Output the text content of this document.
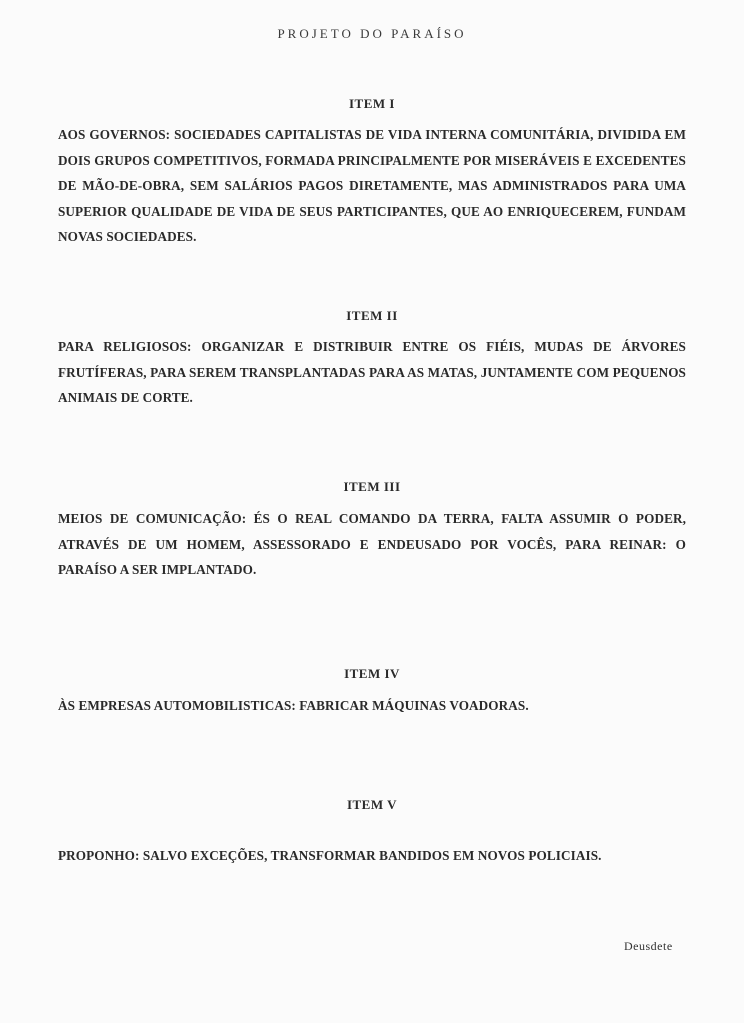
PROJETO DO PARAÍSO
ITEM I
AOS GOVERNOS: SOCIEDADES CAPITALISTAS DE VIDA INTERNA COMUNITÁRIA, DIVIDIDA EM DOIS GRUPOS COMPETITIVOS, FORMADA PRINCIPALMENTE POR MISERÁVEIS E EXCEDENTES DE MÃO-DE-OBRA, SEM SALÁRIOS PAGOS DIRETAMENTE, MAS ADMINISTRADOS PARA UMA SUPERIOR QUALIDADE DE VIDA DE SEUS PARTICIPANTES, QUE AO ENRIQUECEREM, FUNDAM NOVAS SOCIEDADES.
ITEM II
PARA RELIGIOSOS: ORGANIZAR E DISTRIBUIR ENTRE OS FIÉIS, MUDAS DE ÁRVORES FRUTÍFERAS, PARA SEREM TRANSPLANTADAS PARA AS MATAS, JUNTAMENTE COM PEQUENOS ANIMAIS DE CORTE.
ITEM III
MEIOS DE COMUNICAÇÃO: ÉS O REAL COMANDO DA TERRA, FALTA ASSUMIR O PODER, ATRAVÉS DE UM HOMEM, ASSESSORADO E ENDEUSADO POR VOCÊS, PARA REINAR: O PARAÍSO A SER IMPLANTADO.
ITEM IV
ÀS EMPRESAS AUTOMOBILISTICAS: FABRICAR MÁQUINAS VOADORAS.
ITEM V
PROPONHO: SALVO EXCEÇÕES, TRANSFORMAR BANDIDOS EM NOVOS POLICIAIS.
Deusdete
